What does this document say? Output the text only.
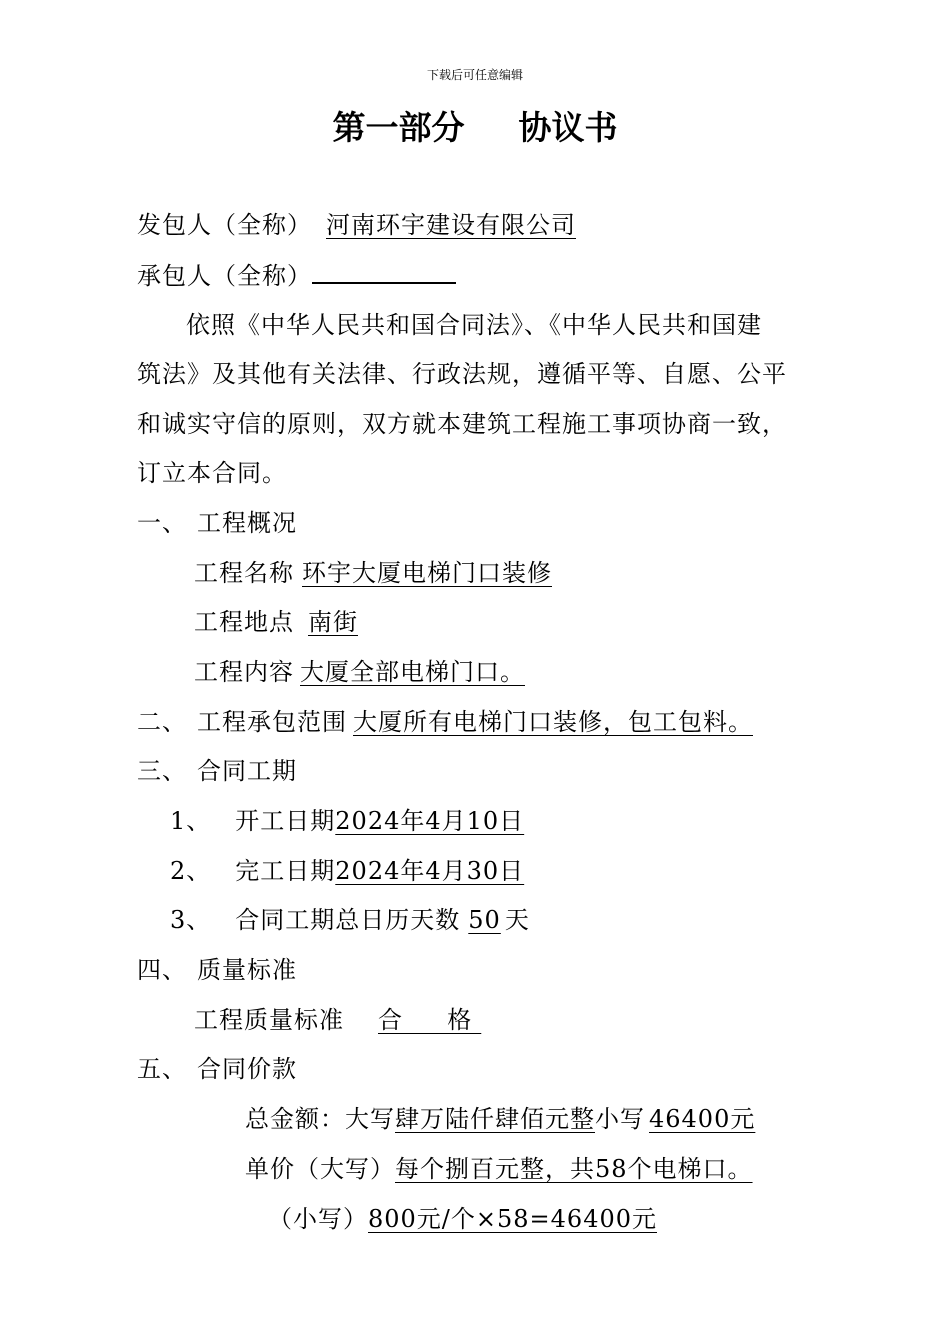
下载后可任意编辑
第一部分 协议书
发包人（全称） 河南环宇建设有限公司
承包人（全称）
依照《中华人民共和国合同法》、《中华人民共和国建
筑法》及其他有关法律、行政法规，遵循平等、自愿、公平
和诚实守信的原则，双方就本建筑工程施工事项协商一致，
订立本合同。
一、 工程概况
工程名称 环宇大厦电梯门口装修
工程地点 南街
工程内容 大厦全部电梯门口。
二、 工程承包范围 大厦所有电梯门口装修，包工包料。
三、 合同工期
1、 开工日期2024年4月10日
2、 完工日期2024年4月30日
3、 合同工期总日历天数 50 天
四、 质量标准
工程质量标准 合  格
五、 合同价款
总金额：大写肆万陆仟肆佰元整小写 46400元
单价（大写）每个捌百元整，共58个电梯口。
（小写）800元/个×58=46400元
